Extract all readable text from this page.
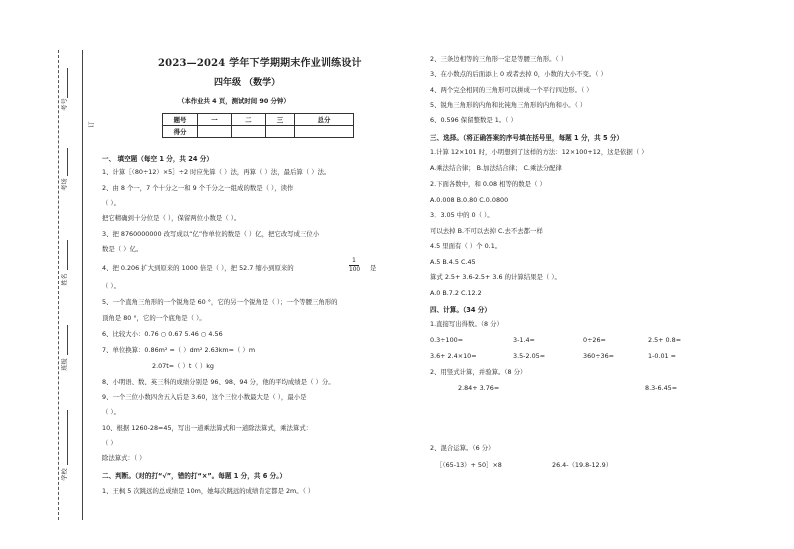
订
考号
考场
姓名
班级
学校
2023—2024 学年下学期期末作业训练设计
四年级 （数学）
（本作业共 4 页，测试时间 90 分钟）
题号	一	二	三	总分
得分				
一、 填空题（每空 1 分，共 24 分）
1、计算［（80÷12）×5］÷2 时应先算（ ）法，再算（ ）法，最后算（ ）法。
2、由 8 个一，7 个十分之一和 9 个千分之一组成的数是（ ），读作
（ ）。
把它精确到十分位是（ ），保留两位小数是（ ）。
3、把 8760000000 改写成以“亿”作单位的数是（ ）亿，把它改写成三位小
数是（ ）亿。
4、把 0.206 扩大到原来的 1000 倍是（ ），把 52.7 缩小到原来的
1
100 是
（ ）。
5、一个直角三角形的一个锐角是 60 °，它的另一个锐角是（ ）；一个等腰三角形的
顶角是 80 °，它的一个底角是（ ）。
6、比较大小：0.76 ○ 0.67 5.46 ○ 4.56
7、单位换算：0.86m² =（ ）dm² 2.63km=（ ）m
2.07t=（ ）t（ ）kg
8、小明语、数、英三科的成绩分别是 96、98、94 分，他的平均成绩是（ ）分。
9、一个三位小数四舍五入后是 3.60，这个三位小数最大是（ ），最小是
（ ）。
10、根据 1260-28=45，写出一道乘法算式和一道除法算式，乘法算式：
（ ）
除法算式：（ ）
二、判断。（对的打“√”，错的打“×”。每题 1 分，共 6 分。）
1、王枫 5 次跳远的总成绩是 10m，她每次跳远的成绩肯定都是 2m。（ ）
2、三条边相等的三角形一定是等腰三角形。（ ）
3、在小数点的后面添上 0 或者去掉 0，小数的大小不变。（ ）
4、两个完全相同的三角形可以拼成一个平行四边形。（ ）
5、锐角三角形的内角和比钝角三角形的内角和小。（ ）
6、0.596 保留整数是 1。（ ）
三、选择。（将正确答案的序号填在括号里，每题 1 分，共 5 分）
1.计算 12×101 时，小明想到了这样的方法：12×100+12，这是依据（ ）
A.乘法结合律； B.加法结合律； C.乘法分配律
2.下面各数中，和 0.08 相等的数是（ ）
A.0.008 B.0.80 C.0.0800
3．3.05 中的 0（ ）。
可以去掉 B.不可以去掉 C.去不去都一样
4.5 里面有（ ）个 0.1。
A.5 B.4.5 C.45
算式 2.5+ 3.6-2.5+ 3.6 的计算结果是（ ）。
A.0 B.7.2 C.12.2
四、计算。（34 分）
1.直接写出得数。（8 分）
0.3÷100=	3-1.4=	0÷26=	2.5+ 0.8=
3.6+ 2.4×10=	3.5-2.05=	360÷36=	1-0.01 =
2、用竖式计算，并验算。（8 分）
2.84+ 3.76=	8.3-6.45=
2、混合运算。（6 分）
［（65-13）+ 50］×8	26.4-（19.8-12.9）
